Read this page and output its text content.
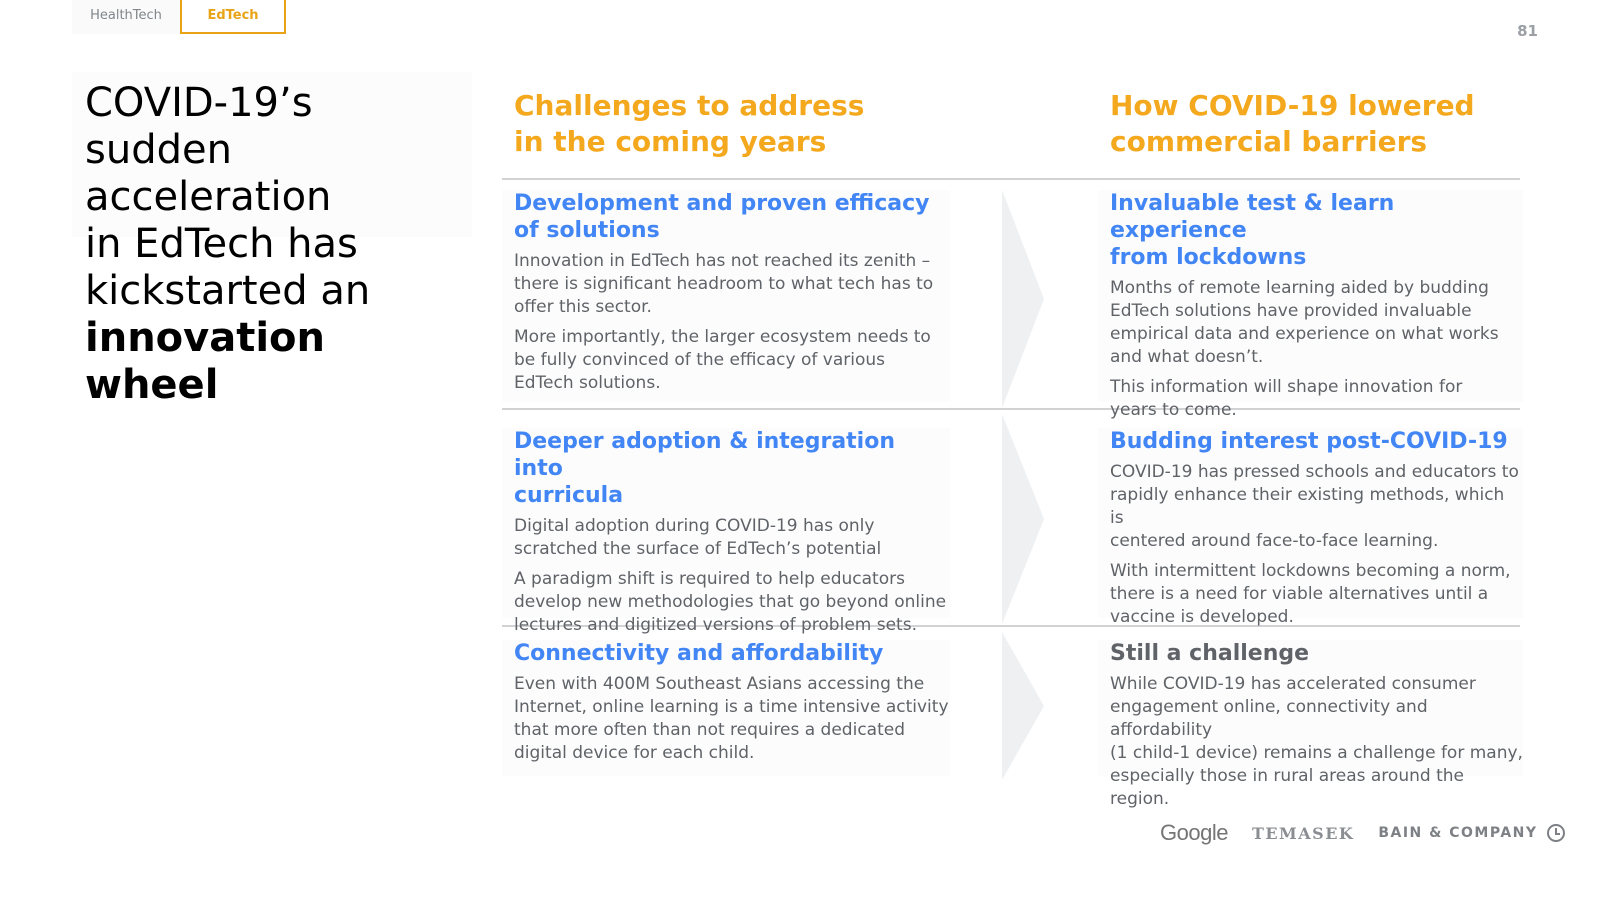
HealthTech	EdTech
81
COVID-19’s sudden
acceleration
in EdTech has
kickstarted an
innovation wheel
Challenges to address
in the coming years
How COVID-19 lowered
commercial barriers
Development and proven efficacy
of solutions

Innovation in EdTech has not reached its zenith –
there is significant headroom to what tech has to
offer this sector.

More importantly, the larger ecosystem needs to
be fully convinced of the efficacy of various
EdTech solutions.

Invaluable test & learn experience
from lockdowns

Months of remote learning aided by budding
EdTech solutions have provided invaluable
empirical data and experience on what works
and what doesn’t.

This information will shape innovation for
years to come.

Deeper adoption & integration into
curricula

Digital adoption during COVID-19 has only
scratched the surface of EdTech’s potential

A paradigm shift is required to help educators
develop new methodologies that go beyond online
lectures and digitized versions of problem sets.

Budding interest post-COVID-19

COVID-19 has pressed schools and educators to
rapidly enhance their existing methods, which is
centered around face-to-face learning.

With intermittent lockdowns becoming a norm,
there is a need for viable alternatives until a
vaccine is developed.

Connectivity and affordability

Even with 400M Southeast Asians accessing the
Internet, online learning is a time intensive activity
that more often than not requires a dedicated
digital device for each child.

Still a challenge

While COVID-19 has accelerated consumer
engagement online, connectivity and affordability
(1 child-1 device) remains a challenge for many,
especially those in rural areas around the region.

Google TEMASEK BAIN & COMPANY
